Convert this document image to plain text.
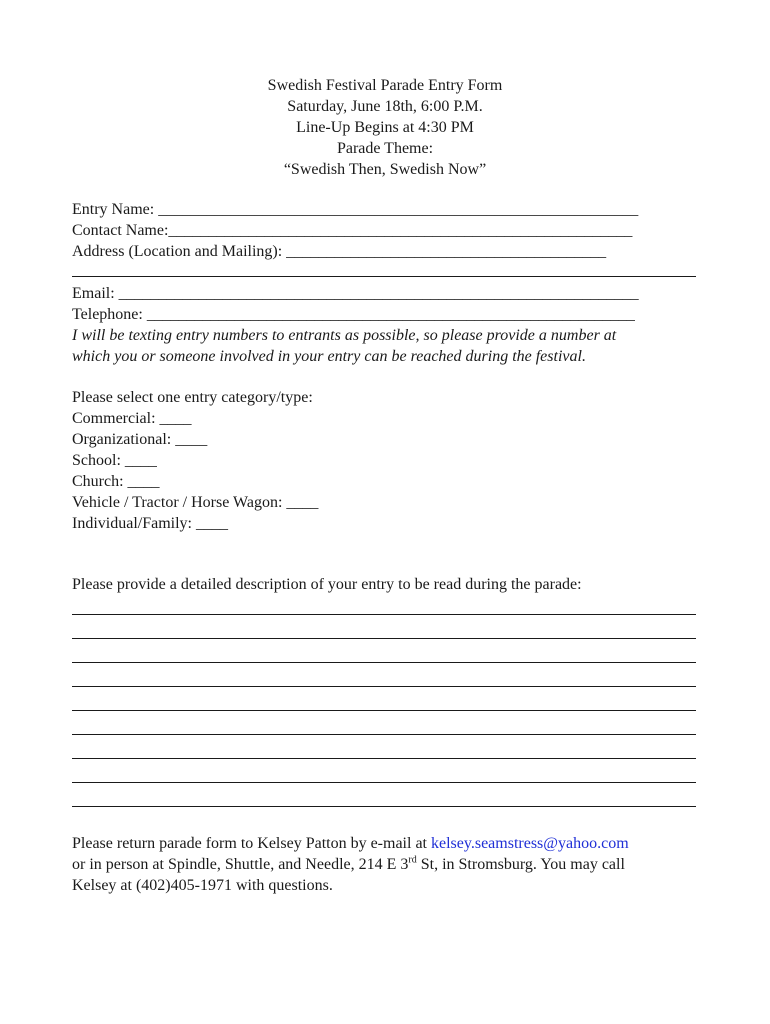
Swedish Festival Parade Entry Form
Saturday, June 18th, 6:00 P.M.
Line-Up Begins at 4:30 PM
Parade Theme:
“Swedish Then, Swedish Now”
Entry Name: ____________________________________________________________
Contact Name:__________________________________________________________
Address (Location and Mailing): ________________________________________
Email: _________________________________________________________________
Telephone: _____________________________________________________________
I will be texting entry numbers to entrants as possible, so please provide a number at
which you or someone involved in your entry can be reached during the festival.
Please select one entry category/type:
Commercial: ____
Organizational: ____
School: ____
Church: ____
Vehicle / Tractor / Horse Wagon: ____
Individual/Family: ____
Please provide a detailed description of your entry to be read during the parade:
Please return parade form to Kelsey Patton by e-mail at kelsey.seamstress@yahoo.com
or in person at Spindle, Shuttle, and Needle, 214 E 3rd St, in Stromsburg. You may call
Kelsey at (402)405-1971 with questions.
